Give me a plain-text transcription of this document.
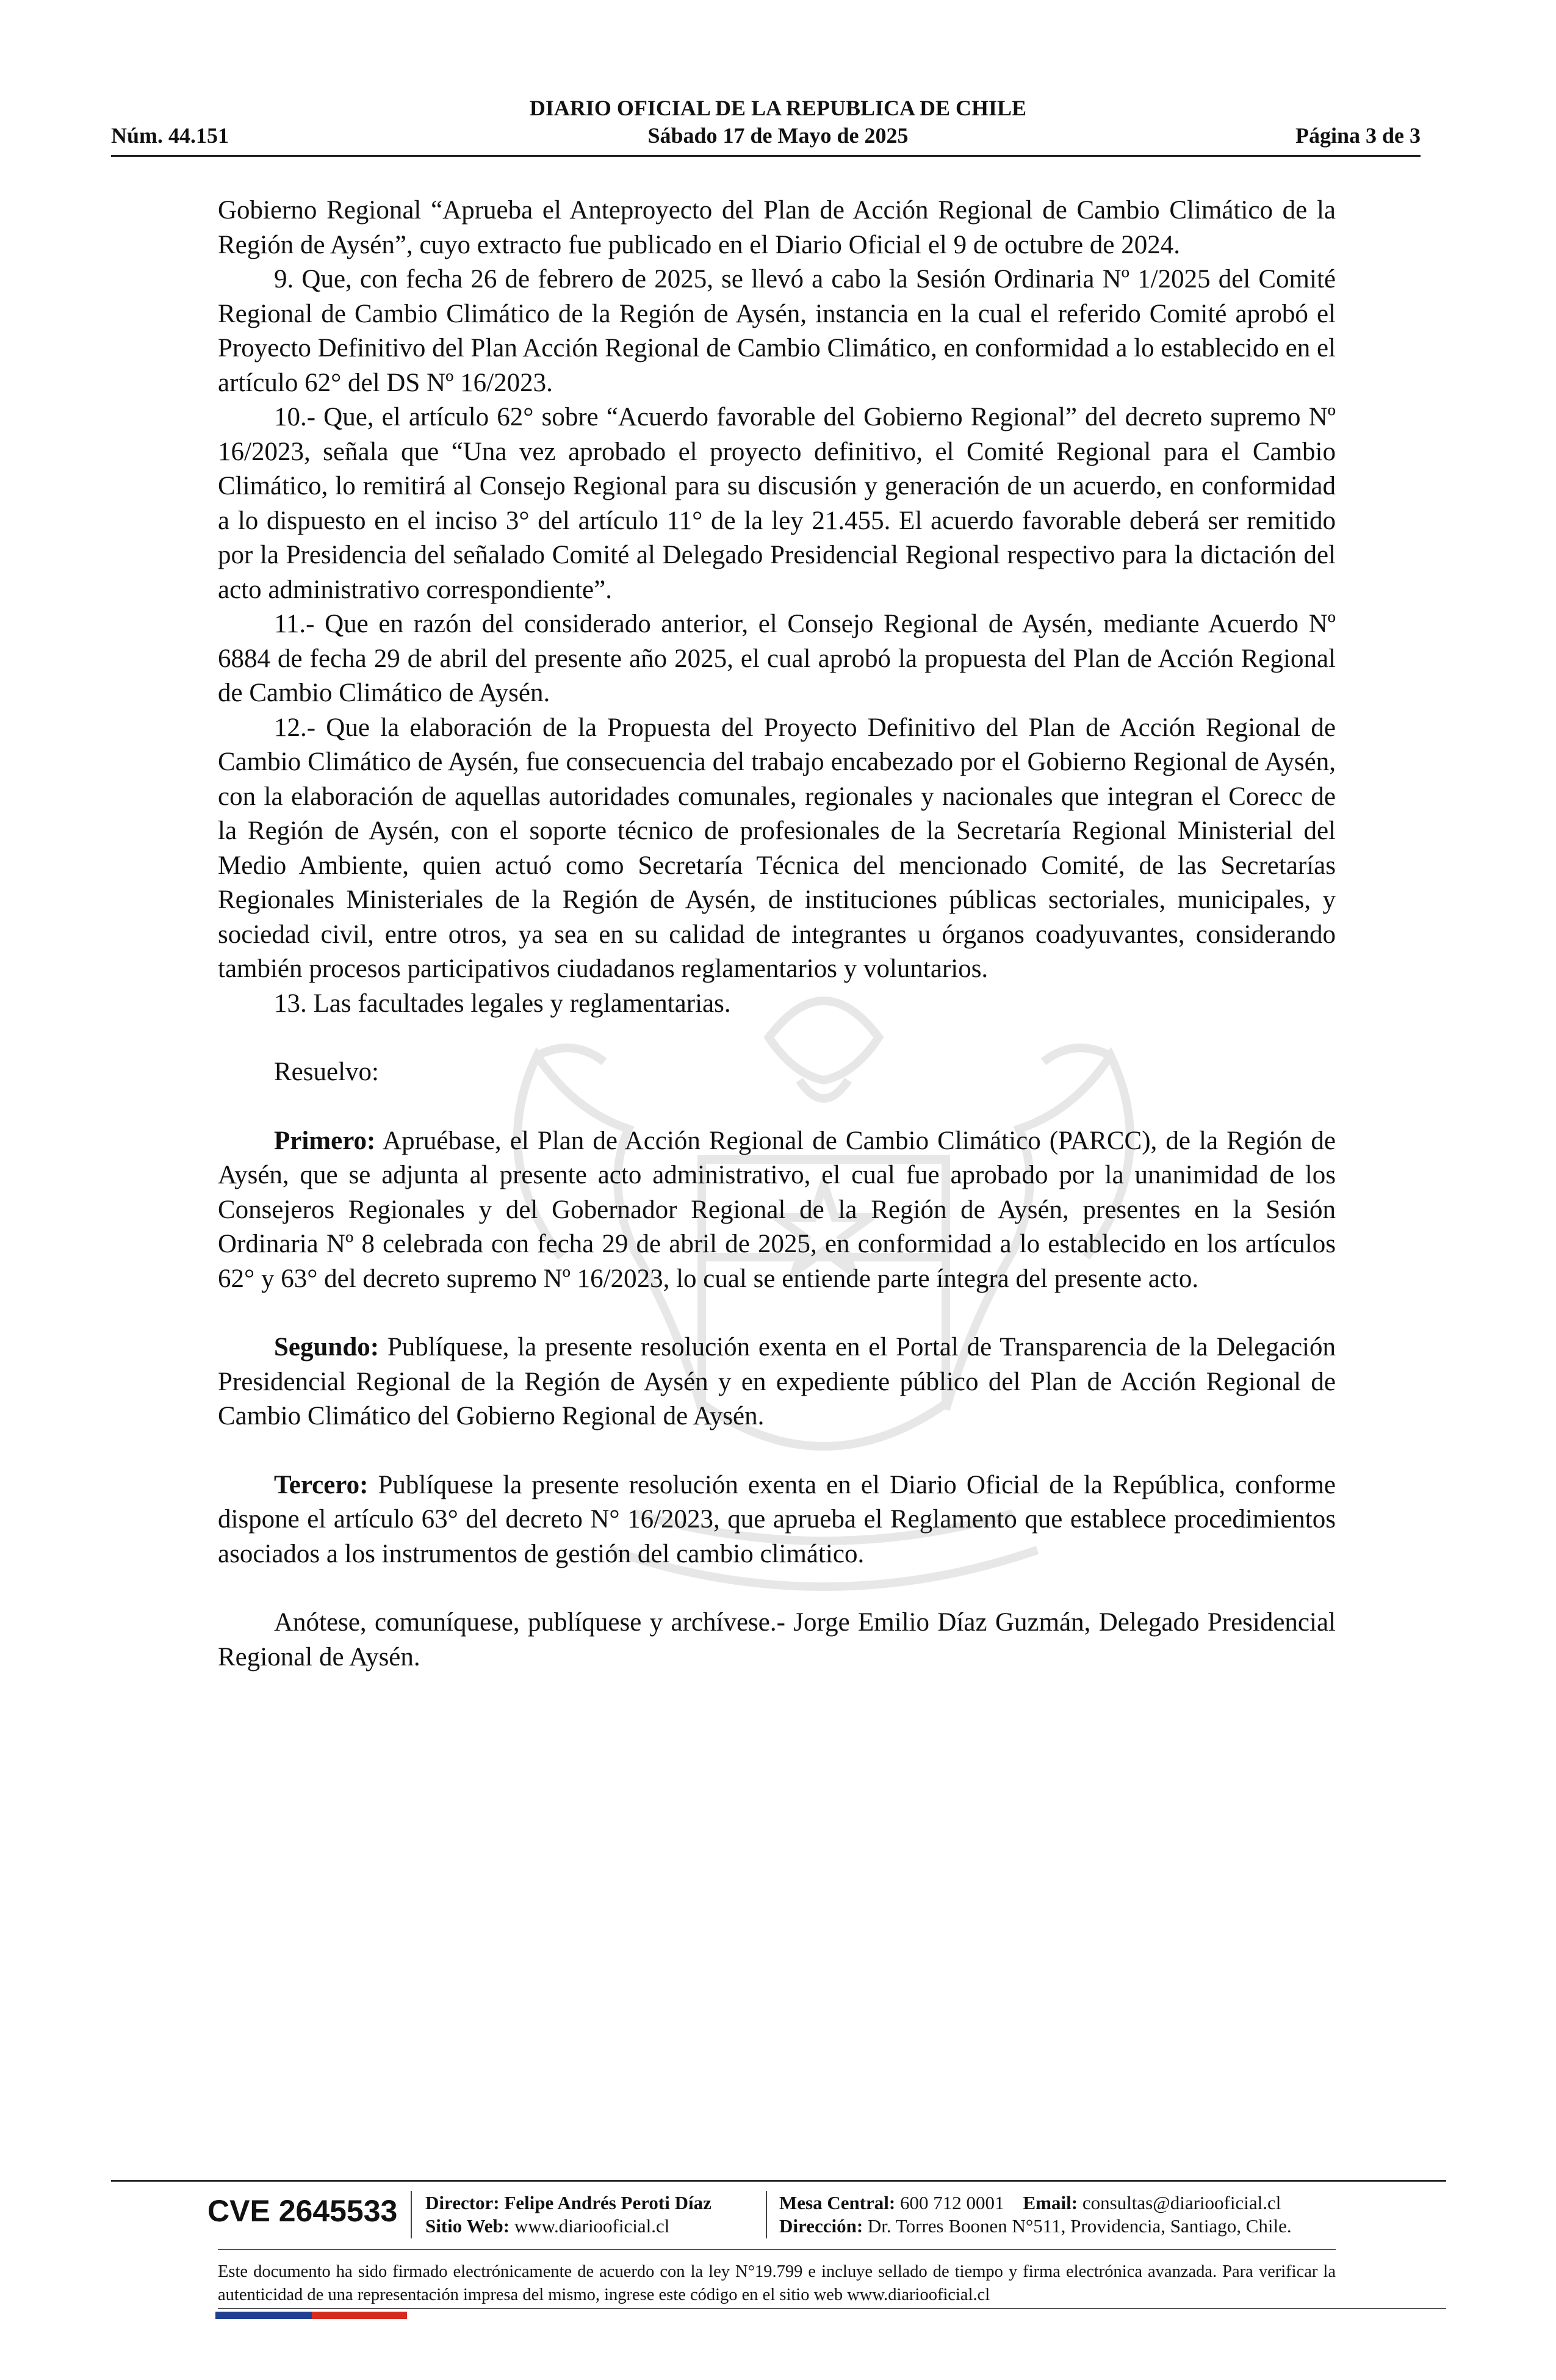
DIARIO OFICIAL DE LA REPUBLICA DE CHILE
Núm. 44.151	Sábado 17 de Mayo de 2025	Página 3 de 3

Gobierno Regional “Aprueba el Anteproyecto del Plan de Acción Regional de Cambio Climático de la Región de Aysén”, cuyo extracto fue publicado en el Diario Oficial el 9 de octubre de 2024.

9. Que, con fecha 26 de febrero de 2025, se llevó a cabo la Sesión Ordinaria Nº 1/2025 del Comité Regional de Cambio Climático de la Región de Aysén, instancia en la cual el referido Comité aprobó el Proyecto Definitivo del Plan Acción Regional de Cambio Climático, en conformidad a lo establecido en el artículo 62° del DS Nº 16/2023.

10.- Que, el artículo 62° sobre “Acuerdo favorable del Gobierno Regional” del decreto supremo Nº 16/2023, señala que “Una vez aprobado el proyecto definitivo, el Comité Regional para el Cambio Climático, lo remitirá al Consejo Regional para su discusión y generación de un acuerdo, en conformidad a lo dispuesto en el inciso 3° del artículo 11° de la ley 21.455. El acuerdo favorable deberá ser remitido por la Presidencia del señalado Comité al Delegado Presidencial Regional respectivo para la dictación del acto administrativo correspondiente”.

11.- Que en razón del considerado anterior, el Consejo Regional de Aysén, mediante Acuerdo Nº 6884 de fecha 29 de abril del presente año 2025, el cual aprobó la propuesta del Plan de Acción Regional de Cambio Climático de Aysén.

12.- Que la elaboración de la Propuesta del Proyecto Definitivo del Plan de Acción Regional de Cambio Climático de Aysén, fue consecuencia del trabajo encabezado por el Gobierno Regional de Aysén, con la elaboración de aquellas autoridades comunales, regionales y nacionales que integran el Corecc de la Región de Aysén, con el soporte técnico de profesionales de la Secretaría Regional Ministerial del Medio Ambiente, quien actuó como Secretaría Técnica del mencionado Comité, de las Secretarías Regionales Ministeriales de la Región de Aysén, de instituciones públicas sectoriales, municipales, y sociedad civil, entre otros, ya sea en su calidad de integrantes u órganos coadyuvantes, considerando también procesos participativos ciudadanos reglamentarios y voluntarios.

13. Las facultades legales y reglamentarias.

Resuelvo:

Primero: Apruébase, el Plan de Acción Regional de Cambio Climático (PARCC), de la Región de Aysén, que se adjunta al presente acto administrativo, el cual fue aprobado por la unanimidad de los Consejeros Regionales y del Gobernador Regional de la Región de Aysén, presentes en la Sesión Ordinaria Nº 8 celebrada con fecha 29 de abril de 2025, en conformidad a lo establecido en los artículos 62° y 63° del decreto supremo Nº 16/2023, lo cual se entiende parte íntegra del presente acto.

Segundo: Publíquese, la presente resolución exenta en el Portal de Transparencia de la Delegación Presidencial Regional de la Región de Aysén y en expediente público del Plan de Acción Regional de Cambio Climático del Gobierno Regional de Aysén.

Tercero: Publíquese la presente resolución exenta en el Diario Oficial de la República, conforme dispone el artículo 63° del decreto N° 16/2023, que aprueba el Reglamento que establece procedimientos asociados a los instrumentos de gestión del cambio climático.

Anótese, comuníquese, publíquese y archívese.- Jorge Emilio Díaz Guzmán, Delegado Presidencial Regional de Aysén.

CVE 2645533 Director: Felipe Andrés Peroti Díaz
Sitio Web: www.diariooficial.cl
Mesa Central: 600 712 0001 Email: consultas@diariooficial.cl
Dirección: Dr. Torres Boonen N°511, Providencia, Santiago, Chile.
Este documento ha sido firmado electrónicamente de acuerdo con la ley N°19.799 e incluye sellado de tiempo y firma electrónica avanzada. Para verificar la autenticidad de una representación impresa del mismo, ingrese este código en el sitio web www.diariooficial.cl
